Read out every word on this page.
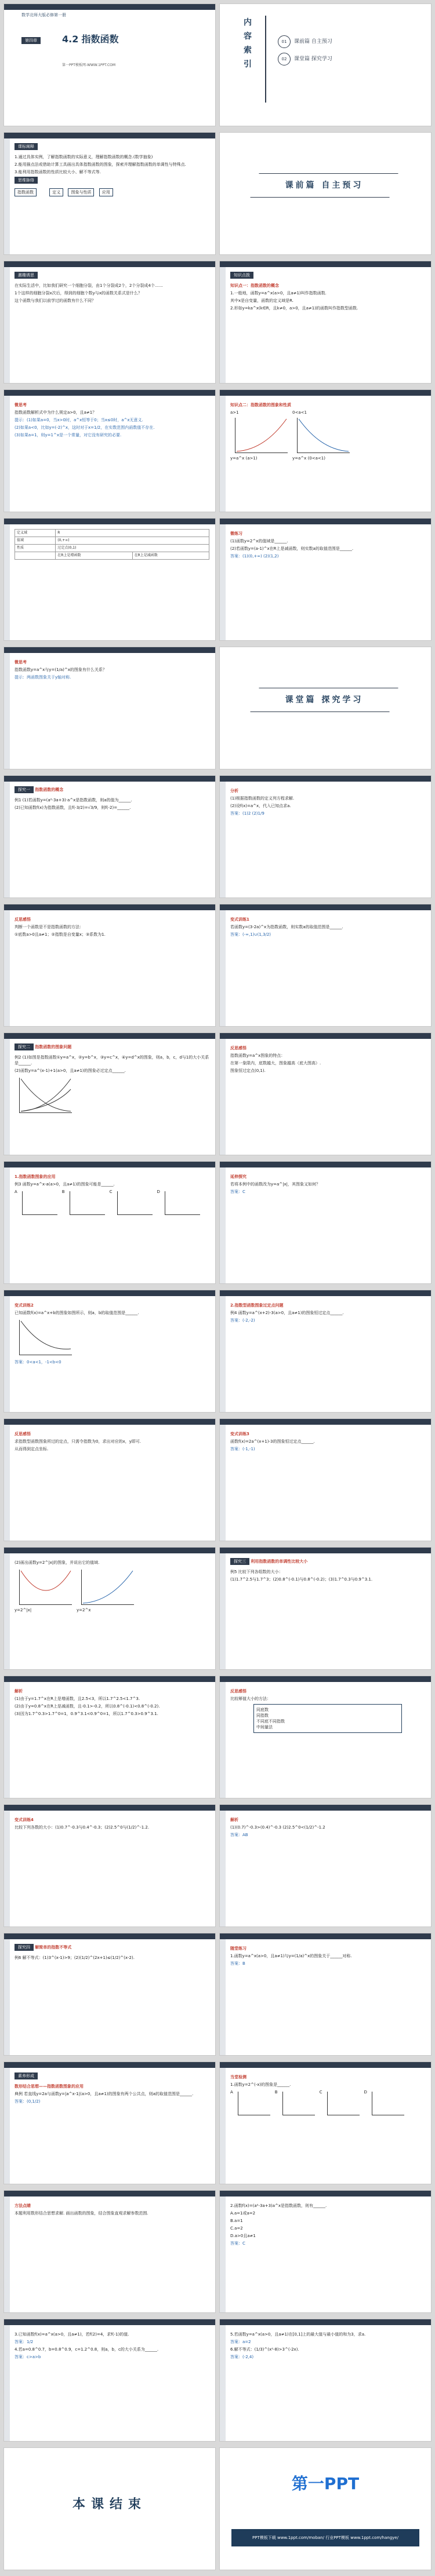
数学北师大版必修第一册
第四章	4.2 指数函数
第一PPT模板网-WWW.1PPT.COM
内
容
索
引
01 课前篇 自主预习
02 课堂篇 探究学习
课标阐释
1.通过具体实例，了解指数函数的实际意义，理解指数函数的概念.(数学抽象)
2.能用描点法或借助计算工具画出具体指数函数的图象，探索并理解指数函数的单调性与特殊点.
3.能利用指数函数的性质比较大小、解不等式等.
思维脉络
指数函数	定义	图象与性质	应用
课前篇 自主预习
激趣诱思
在实际生活中，比如我们研究一个细胞分裂，由1个分裂成2个，2个分裂成4个……
1个这样的细胞分裂x次后，得到的细胞个数y与x的函数关系式是什么？
这个函数与我们以前学过的函数有什么不同？
知识点拨
知识点一：指数函数的概念
1.一般地，函数y=a^x(a>0，且a≠1)叫作指数函数.
其中x是自变量，函数的定义域是R.
2.形如y=ka^x(k∈R，且k≠0，a>0，且a≠1)的函数叫作指数型函数.
微思考
指数函数解析式中为什么规定a>0，且a≠1？
提示：(1)如果a=0，当x>0时，a^x恒等于0；当x≤0时，a^x无意义.
(2)如果a<0，比如y=(-2)^x，这时对于x=1/2，在实数范围内函数值不存在.
(3)如果a=1，则y=1^x是一个常量，对它没有研究的必要.
知识点二：指数函数的图象和性质
a>1
y=a^x (a>1)
0<a<1
y=a^x (0<a<1)
定义域	R	
值域	(0,+∞)	
性质	过定点(0,1)	
	在R上是增函数	在R上是减函数
微练习
(1)函数y=2^x的值域是______.
(2)若函数y=(a-1)^x在R上是减函数，则实数a的取值范围是______.
答案：(1)(0,+∞) (2)(1,2)
微思考
指数函数y=a^x与y=(1/a)^x的图象有什么关系？
提示：两函数图象关于y轴对称.
课堂篇 探究学习
探究一 指数函数的概念
例1 (1)若函数y=(a²-3a+3)·a^x是指数函数，则a的值为______.
(2)已知函数f(x)为指数函数，且f(-3/2)=√3/9，则f(-2)=______.
分析
(1)根据指数函数的定义列方程求解.
(2)设f(x)=a^x，代入已知点求a.
答案：(1)2 (2)1/9
反思感悟
判断一个函数是不是指数函数的方法：
①底数a>0且a≠1；②指数是自变量x；③系数为1.
变式训练1
若函数y=(3-2a)^x为指数函数，则实数a的取值范围是______.
答案：(-∞,1)∪(1,3/2)
探究二 指数函数的图象问题
例2 (1)如图是指数函数①y=a^x，②y=b^x，③y=c^x，④y=d^x的图象，则a，b，c，d与1的大小关系是______.
(2)函数y=a^(x-1)+1(a>0，且a≠1)的图象必过定点______.
反思感悟
指数函数y=a^x图象的特点：
在第一象限内，底数越大，图象越高（底大图高）.
图象恒过定点(0,1).
1.指数函数图象的应用
例3 函数y=a^x-a(a>0，且a≠1)的图象可能是______.
A	B	C	D
延伸探究
若将本例中的函数改为y=a^|x|，其图象又如何？
答案：C
变式训练2
已知函数f(x)=a^x+b的图象如图所示，则a，b的取值范围是______.
答案：0<a<1，-1<b<0
2.指数型函数图象过定点问题
例4 函数y=a^(x+2)-3(a>0，且a≠1)的图象恒过定点______.
答案：(-2,-2)
反思感悟
求指数型函数图象所过的定点，只需令指数为0，求出对应的x，y即可.
从而得到定点坐标.
变式训练3
函数f(x)=2a^(x+1)-3的图象恒过定点______.
答案：(-1,-1)
(2)画出函数y=2^|x|的图象，并说出它的值域.
y=2^|x|	y=2^x
探究三 利用指数函数的单调性比较大小
例5 比较下列各组数的大小：
(1)1.7^2.5与1.7^3；(2)0.8^(-0.1)与0.8^(-0.2)；(3)1.7^0.3与0.9^3.1.
解析
(1)由于y=1.7^x在R上是增函数，且2.5<3，所以1.7^2.5<1.7^3.
(2)由于y=0.8^x在R上是减函数，且-0.1>-0.2，所以0.8^(-0.1)<0.8^(-0.2).
(3)因为1.7^0.3>1.7^0=1，0.9^3.1<0.9^0=1，所以1.7^0.3>0.9^3.1.
反思感悟
比较幂值大小的方法：
同底数
同指数
不同底不同指数
中间量法
变式训练4
比较下列各数的大小：(1)0.7^-0.3与0.4^-0.3；(2)2.5^0与(1/2)^-1.2.
解析
(1)(0.7)^-0.3>(0.4)^-0.3 (2)2.5^0<(1/2)^-1.2
答案：AB
探究四 解简单的指数不等式
例6 解不等式：(1)3^(x-1)>9；(2)(1/2)^(2x+1)≤(1/2)^(x-2).
随堂练习
1.函数y=a^x(a>0，且a≠1)与y=(1/a)^x的图象关于______对称.
答案：B
素养形成
数形结合思想——指数函数图象的应用
典例 若直线y=2a与函数y=|a^x-1|(a>0，且a≠1)的图象有两个公共点，则a的取值范围是______.
答案：(0,1/2)
当堂检测
1.函数y=2^(-x)的图象是______.
A	B	C	D
方法点睛
本题利用数形结合思想求解. 画出函数的图象，结合图象直观求解参数范围.
2.函数f(x)=(a²-3a+3)a^x是指数函数，则有______.
A.a=1或a=2
B.a=1
C.a=2
D.a>0且a≠1
答案：C
3.已知函数f(x)=a^x(a>0，且a≠1)，若f(2)=4，求f(-1)的值.
答案：1/2
4.若a=0.8^0.7，b=0.8^0.9，c=1.2^0.8，则a，b，c的大小关系为______.
答案：c>a>b
5.若函数y=a^x(a>0，且a≠1)在[0,1]上的最大值与最小值的和为3，求a.
答案：a=2
6.解不等式：(1/3)^(x²-8)>3^(-2x).
答案：(-2,4)
本课结束
第一PPT
PPT模板下载 www.1ppt.com/moban/ 行业PPT模板 www.1ppt.com/hangye/
